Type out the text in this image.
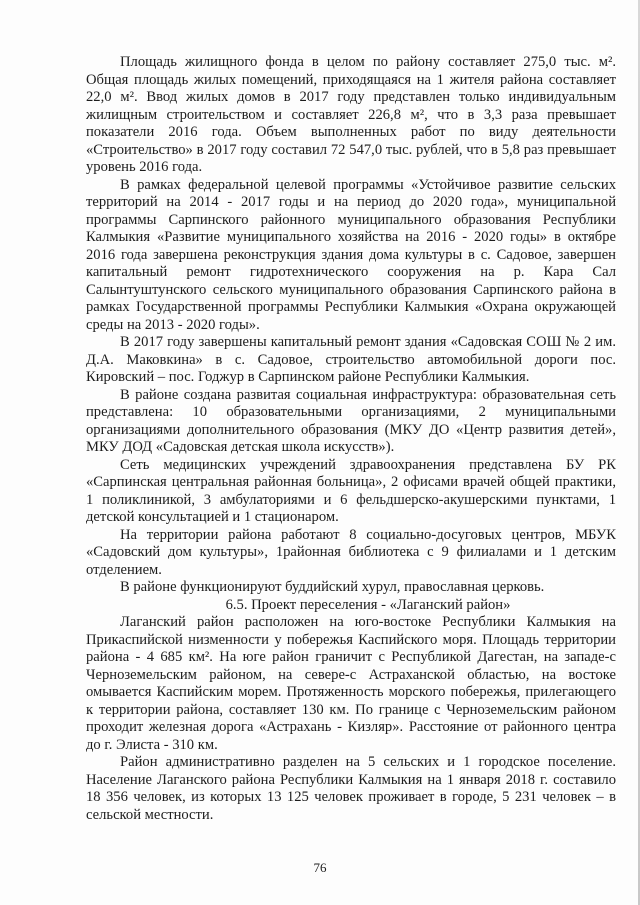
Площадь жилищного фонда в целом по району составляет 275,0 тыс. м². Общая площадь жилых помещений, приходящаяся на 1 жителя района составляет 22,0 м². Ввод жилых домов в 2017 году представлен только индивидуальным жилищным строительством и составляет 226,8 м², что в 3,3 раза превышает показатели 2016 года. Объем выполненных работ по виду деятельности «Строительство» в 2017 году составил 72 547,0 тыс. рублей, что в 5,8 раз превышает уровень 2016 года.

В рамках федеральной целевой программы «Устойчивое развитие сельских территорий на 2014 - 2017 годы и на период до 2020 года», муниципальной программы Сарпинского районного муниципального образования Республики Калмыкия «Развитие муниципального хозяйства на 2016 - 2020 годы» в октябре 2016 года завершена реконструкция здания дома культуры в с. Садовое, завершен капитальный ремонт гидротехнического сооружения на р. Кара Сал Салынтуштунского сельского муниципального образования Сарпинского района в рамках Государственной программы Республики Калмыкия «Охрана окружающей среды на 2013 - 2020 годы».

В 2017 году завершены капитальный ремонт здания «Садовская СОШ № 2 им. Д.А. Маковкина» в с. Садовое, строительство автомобильной дороги пос. Кировский – пос. Годжур в Сарпинском районе Республики Калмыкия.

В районе создана развитая социальная инфраструктура: образовательная сеть представлена: 10 образовательными организациями, 2 муниципальными организациями дополнительного образования (МКУ ДО «Центр развития детей», МКУ ДОД «Садовская детская школа искусств»).

Сеть медицинских учреждений здравоохранения представлена БУ РК «Сарпинская центральная районная больница», 2 офисами врачей общей практики, 1 поликлиникой, 3 амбулаториями и 6 фельдшерско-акушерскими пунктами, 1 детской консультацией и 1 стационаром.

На территории района работают 8 социально-досуговых центров, МБУК «Садовский дом культуры», 1районная библиотека с 9 филиалами и 1 детским отделением.

В районе функционируют буддийский хурул, православная церковь.

6.5. Проект переселения - «Лаганский район»

Лаганский район расположен на юго-востоке Республики Калмыкия на Прикаспийской низменности у побережья Каспийского моря. Площадь территории района - 4 685 км². На юге район граничит с Республикой Дагестан, на западе-с Черноземельским районом, на севере-с Астраханской областью, на востоке омывается Каспийским морем. Протяженность морского побережья, прилегающего к территории района, составляет 130 км. По границе с Черноземельским районом проходит железная дорога «Астрахань - Кизляр». Расстояние от районного центра до г. Элиста - 310 км.

Район административно разделен на 5 сельских и 1 городское поселение. Население Лаганского района Республики Калмыкия на 1 января 2018 г. составило 18 356 человек, из которых 13 125 человек проживает в городе, 5 231 человек – в сельской местности.

76
